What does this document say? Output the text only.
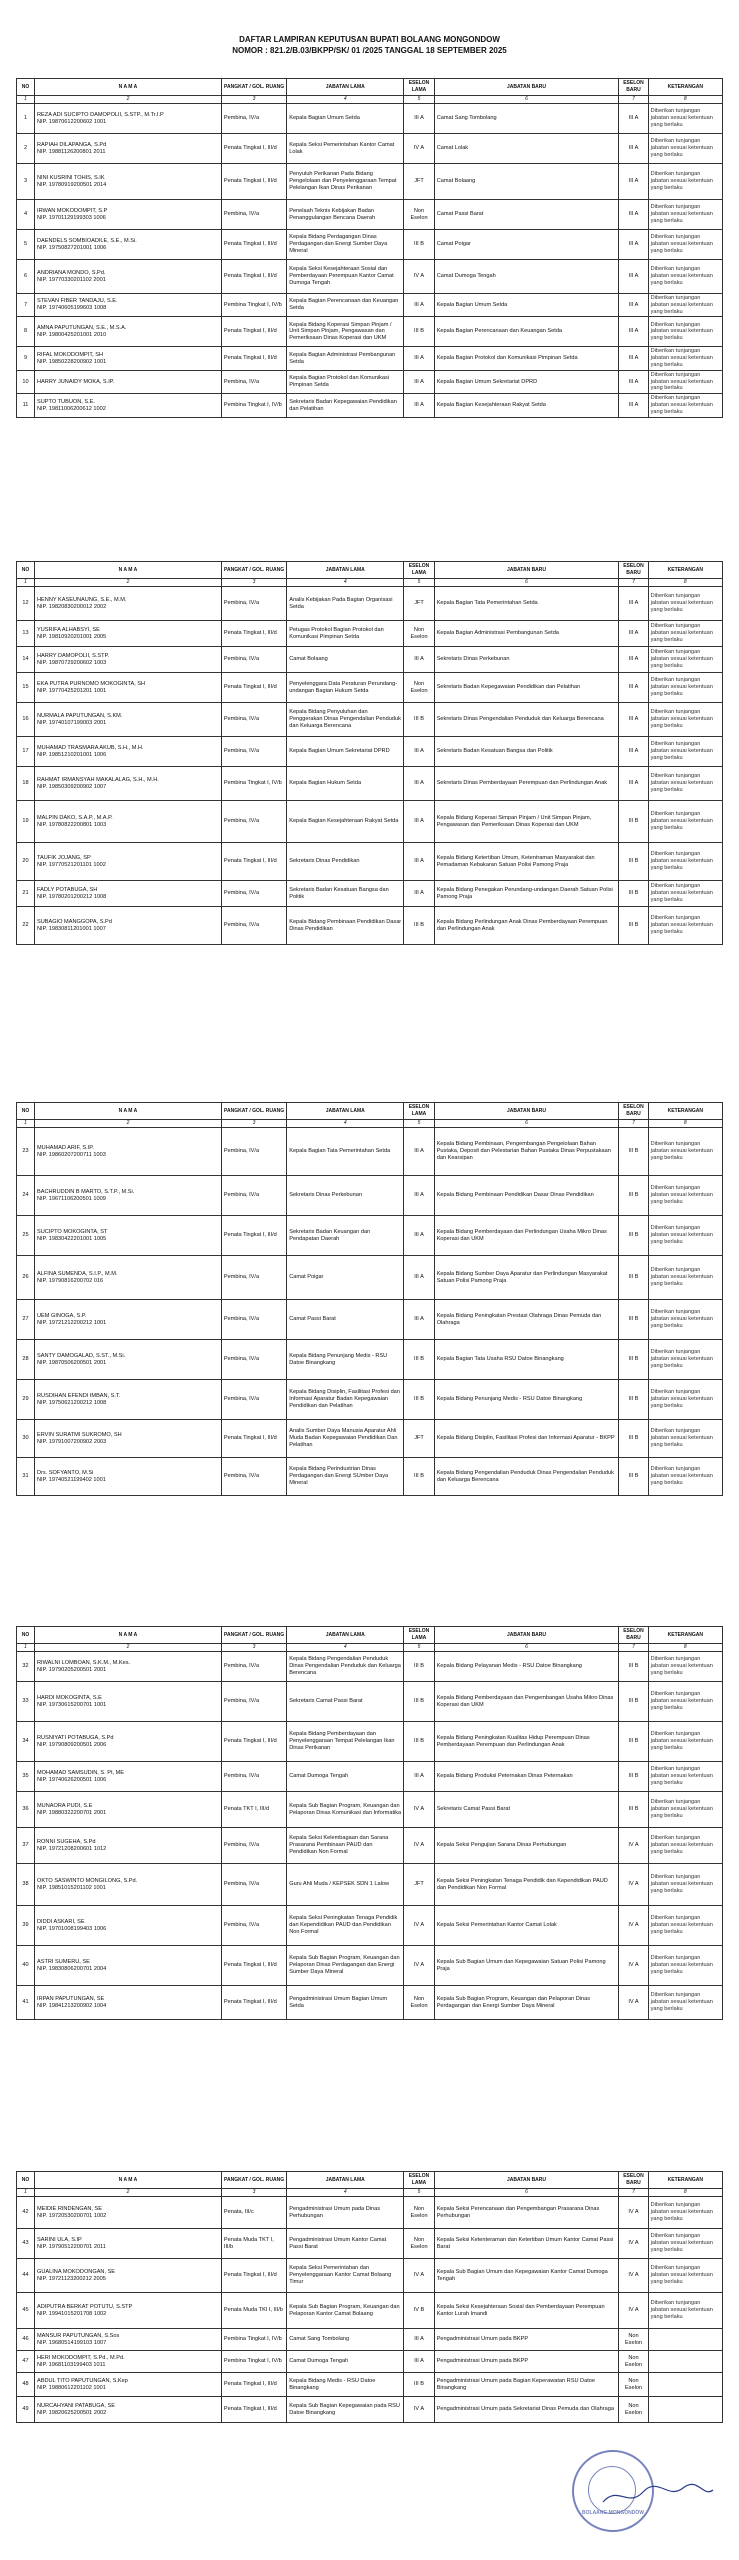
DAFTAR LAMPIRAN KEPUTUSAN BUPATI BOLAANG MONGONDOW
NOMOR : 821.2/B.03/BKPP/SK/ 01 /2025 TANGGAL 18 SEPTEMBER 2025
NO	N A M A	PANGKAT / GOL. RUANG	JABATAN LAMA	ESELON LAMA	JABATAN BARU	ESELON BARU	KETERANGAN
1	2	3	4	5	6	7	8
1	REZA ADI SUCIPTO DAMOPOLII, S.STP., M.Tr.I.P
NIP. 19870612200602 1001	Pembina, IV/a	Kepala Bagian Umum Setda	III A	Camat Sang Tombolang	III A	Diberikan tunjangan jabatan sesuai ketentuan yang berlaku
2	RAPIAH DILAPANGA, S.Pd
NIP. 19881126200801 2011	Penata Tingkat I, III/d	Kepala Seksi Pemerintahan Kantor Camat Lolak	IV A	Camat Lolak	III A	Diberikan tunjangan jabatan sesuai ketentuan yang berlaku
3	NINI KUSRINI TOHIS, S.IK
NIP. 19780919200501 2014	Penata Tingkat I, III/d	Penyuluh Perikanan Pada Bidang Pengelolaan dan Penyelenggaraan Tempat Pelelangan Ikan Dinas Perikanan	JFT	Camat Bolaang	III A	Diberikan tunjangan jabatan sesuai ketentuan yang berlaku
4	IRWAN MOKODOMPIT, S.P
NIP. 19701129199303 1006	Pembina, IV/a	Penelaah Teknis Kebijakan Badan Penanggulangan Bencana Daerah	Non Eselon	Camat Passi Barat	III A	Diberikan tunjangan jabatan sesuai ketentuan yang berlaku
5	DAENDELS SOMBIOADILE, S.E., M.Si.
NIP. 19750827201001 1006	Penata Tingkat I, III/d	Kepala Bidang Perdagangan Dinas Perdagangan dan Energi Sumber Daya Mineral	III B	Camat Poigar	III A	Diberikan tunjangan jabatan sesuai ketentuan yang berlaku
6	ANDRIANA MONDO, S.Pd.
NIP. 19770330201102 2001	Penata Tingkat I, III/d	Kepala Seksi Kesejahteraan Sosial dan Pemberdayaan Perempuan Kantor Camat Dumoga Tengah	IV A	Camat Dumoga Tengah	III A	Diberikan tunjangan jabatan sesuai ketentuan yang berlaku
7	STEVAN FIBER TANDAJU, S.E.
NIP. 19740605199603 1008	Pembina Tingkat I, IV/b	Kepala Bagian Perencanaan dan Keuangan Setda	III A	Kepala Bagian Umum Setda	III A	Diberikan tunjangan jabatan sesuai ketentuan yang berlaku
8	AMNA PAPUTUNGAN, S.E., M.S.A.
NIP. 19800425201001 2010	Penata Tingkat I, III/d	Kepala Bidang Koperasi Simpan Pinjam / Unit Simpan Pinjam, Pengawasan dan Pemeriksaan Dinas Koperasi dan UKM	III B	Kepala Bagian Perencanaan dan Keuangan Setda	III A	Diberikan tunjangan jabatan sesuai ketentuan yang berlaku
9	RIFAL MOKODOMPIT, SH
NIP. 19850228200902 1001	Penata Tingkat I, III/d	Kepala Bagian Administrasi Pembangunan Setda	III A	Kepala Bagian Protokol dan Komunikasi Pimpinan Setda	III A	Diberikan tunjangan jabatan sesuai ketentuan yang berlaku
10	HARRY JUNAIDY MOKA, S.IP.	Pembina, IV/a	Kepala Bagian Protokol dan Komunikasi Pimpinan Setda	III A	Kepala Bagian Umum Sekretariat DPRD	III A	Diberikan tunjangan jabatan sesuai ketentuan yang berlaku
11	SUPTO TUBUON, S.E.
NIP. 19811006200612 1002	Pembina Tingkat I, IV/b	Sekretaris Badan Kepegawaian Pendidikan dan Pelatihan	III A	Kepala Bagian Kesejahteraan Rakyat Setda	III A	Diberikan tunjangan jabatan sesuai ketentuan yang berlaku
NO	N A M A	PANGKAT / GOL. RUANG	JABATAN LAMA	ESELON LAMA	JABATAN BARU	ESELON BARU	KETERANGAN
1	2	3	4	5	6	7	8
12	HENNY KASEUNAUNG, S.E., M.M.
NIP. 19820830200012 2002	Pembina, IV/a	Analis Kebijakan Pada Bagian Organisasi Setda	JFT	Kepala Bagian Tata Pemerintahan Setda	III A	Diberikan tunjangan jabatan sesuai ketentuan yang berlaku
13	YUSRIFA ALHABSYI, SE
NIP. 19810920201001 2005	Penata Tingkat I, III/d	Petugas Protokol Bagian Protokol dan Komunikasi Pimpinan Setda	Non Eselon	Kepala Bagian Administrasi Pembangunan Setda	III A	Diberikan tunjangan jabatan sesuai ketentuan yang berlaku
14	HARRY DAMOPOLII, S.STP.
NIP. 19870729200602 1003	Pembina, IV/a	Camat Bolaang	III A	Sekretaris Dinas Perkebunan	III A	Diberikan tunjangan jabatan sesuai ketentuan yang berlaku
15	EKA PUTRA PURNOMO MOKOGINTA, SH
NIP. 19770425201201 1001	Penata Tingkat I, III/d	Penyelenggara Data Peraturan Perundang-undangan Bagian Hukum Setda	Non Eselon	Sekretaris Badan Kepegawaian Pendidikan dan Pelatihan	III A	Diberikan tunjangan jabatan sesuai ketentuan yang berlaku
16	NURMALA PAPUTUNGAN, S.KM.
NIP. 19740107199003 2001	Pembina, IV/a	Kepala Bidang Penyuluhan dan Penggerakan Dinas Pengendalian Penduduk dan Keluarga Berencana	III B	Sekretaris Dinas Pengendalian Penduduk dan Keluarga Berencana	III A	Diberikan tunjangan jabatan sesuai ketentuan yang berlaku
17	MUHAMAD TRASMARA AKUB, S.H., M.H.
NIP. 19851210201001 1006	Pembina, IV/a	Kepala Bagian Umum Sekretariat DPRD	III A	Sekretaris Badan Kesatuan Bangsa dan Politik	III A	Diberikan tunjangan jabatan sesuai ketentuan yang berlaku
18	RAHMAT IRMANSYAH MAKALALAG, S.H., M.H.
NIP. 19850309200902 1007	Pembina Tingkat I, IV/b	Kepala Bagian Hukum Setda	III A	Sekretaris Dinas Pemberdayaan Perempuan dan Perlindungan Anak	III A	Diberikan tunjangan jabatan sesuai ketentuan yang berlaku
19	MALPIN DAKO, S.A.P., M.A.P.
NIP. 19780822200801 1003	Pembina, IV/a	Kepala Bagian Kesejahteraan Rakyat Setda	III A	Kepala Bidang Koperasi Simpan Pinjam / Unit Simpan Pinjam, Pengawasan dan Pemeriksaan Dinas Koperasi dan UKM	III B	Diberikan tunjangan jabatan sesuai ketentuan yang berlaku
20	TAUFIK JOJANG, SP
NIP. 19770521201101 1002	Penata Tingkat I, III/d	Sekretaris Dinas Pendidikan	III A	Kepala Bidang Ketertiban Umum, Ketentraman Masyarakat dan Pemadaman Kebakaran Satuan Polisi Pamong Praja	III B	Diberikan tunjangan jabatan sesuai ketentuan yang berlaku
21	FADLY POTABUGA, SH
NIP. 19780201200212 1008	Pembina, IV/a	Sekretaris Badan Kesatuan Bangsa dan Politik	III A	Kepala Bidang Penegakan Perundang-undangan Daerah Satuan Polisi Pamong Praja	III B	Diberikan tunjangan jabatan sesuai ketentuan yang berlaku
22	SUBAGIO MANGGOPA, S.Pd
NIP. 19830811201001 1007	Pembina, IV/a	Kepala Bidang Pembinaan Pendidikan Dasar Dinas Pendidikan	III B	Kepala Bidang Perlindungan Anak Dinas Pemberdayaan Perempuan dan Perlindungan Anak	III B	Diberikan tunjangan jabatan sesuai ketentuan yang berlaku
NO	N A M A	PANGKAT / GOL. RUANG	JABATAN LAMA	ESELON LAMA	JABATAN BARU	ESELON BARU	KETERANGAN
1	2	3	4	5	6	7	8
23	MUHAMAD ARIF, S.IP.
NIP. 19860207200711 1003	Pembina, IV/a	Kepala Bagian Tata Pemerintahan Setda	III A	Kepala Bidang Pembinaan, Pengembangan Pengelolaan Bahan Pustaka, Deposit dan Pelestarian Bahan Pustaka Dinas Perpustakaan dan Kearsipan	III B	Diberikan tunjangan jabatan sesuai ketentuan yang berlaku
24	BACHRUDDIN B MARTO, S.T.P., M.Si.
NIP. 19671106200501 1009	Pembina, IV/a	Sekretaris Dinas Perkebunan	III A	Kepala Bidang Pembinaan Pendidikan Dasar Dinas Pendidikan	III B	Diberikan tunjangan jabatan sesuai ketentuan yang berlaku
25	SUCIPTO MOKOGINTA, ST
NIP. 19830422201001 1005	Penata Tingkat I, III/d	Sekretaris Badan Keuangan dan Pendapatan Daerah	III A	Kepala Bidang Pemberdayaan dan Perlindungan Usaha Mikro Dinas Koperasi dan UKM	III B	Diberikan tunjangan jabatan sesuai ketentuan yang berlaku
26	ALFINA SUMENDA, S.I.P., M.M.
NIP. 19790816200702 016	Pembina, IV/a	Camat Poigar	III A	Kepala Bidang Sumber Daya Aparatur dan Perlindungan Masyarakat Satuan Polisi Pamong Praja	III B	Diberikan tunjangan jabatan sesuai ketentuan yang berlaku
27	UEM GINOGA, S.P.
NIP. 19721212200212 1001	Pembina, IV/a	Camat Passi Barat	III A	Kepala Bidang Peningkatan Prestasi Olahraga Dinas Pemuda dan Olahraga	III B	Diberikan tunjangan jabatan sesuai ketentuan yang berlaku
28	SANTY DAMOGALAD, S.ST., M.Si.
NIP. 19870506200501 2001	Pembina, IV/a	Kepala Bidang Penunjang Medis - RSU Datoe Binangkang	III B	Kepala Bagian Tata Usaha RSU Datoe Binangkang	III B	Diberikan tunjangan jabatan sesuai ketentuan yang berlaku
29	RUSDIHAN EFENDI IMBAN, S.T.
NIP. 19750621200212 1008	Pembina, IV/a	Kepala Bidang Disiplin, Fasilitasi Profesi dan Informasi Aparatur Badan Kepegawaian Pendidikan dan Pelatihan	III B	Kepala Bidang Penunjang Medis - RSU Datoe Binangkang	III B	Diberikan tunjangan jabatan sesuai ketentuan yang berlaku
30	ERVIN SURATMI SUKROMO, SH
NIP. 19791007200902 2003	Penata Tingkat I, III/d	Analis Sumber Daya Manusia Aparatur Ahli Muda Badan Kepegawaian Pendidikan Dan Pelatihan	JFT	Kepala Bidang Disiplin, Fasilitasi Profesi dan Informasi Aparatur - BKPP	III B	Diberikan tunjangan jabatan sesuai ketentuan yang berlaku
31	Drs. SOFYANTO, M.Si
NIP. 19740521199402 1001	Pembina, IV/a	Kepala Bidang Perindustrian Dinas Perdagangan dan Energi SUmber Daya Mineral	III B	Kepala Bidang Pengendalian Penduduk Dinas Pengendalian Penduduk dan Keluarga Berencana	III B	Diberikan tunjangan jabatan sesuai ketentuan yang berlaku
NO	N A M A	PANGKAT / GOL. RUANG	JABATAN LAMA	ESELON LAMA	JABATAN BARU	ESELON BARU	KETERANGAN
1	2	3	4	5	6	7	8
32	RIWALNI LOMBOAN, S.K.M., M.Kes.
NIP. 19790205200501 2001	Pembina, IV/a	Kepala Bidang Pengendalian Penduduk Dinas Pengendalian Penduduk dan Keluarga Berencana	III B	Kepala Bidang Pelayanan Medis - RSU Datoe Binangkang	III B	Diberikan tunjangan jabatan sesuai ketentuan yang berlaku
33	HARDI MOKOGINTA, S.E
NIP. 19730615200701 1001	Pembina, IV/a	Sekretaris Camat Passi Barat	III B	Kepala Bidang Pemberdayaan dan Pengembangan Usaha Mikro Dinas Koperasi dan UKM	III B	Diberikan tunjangan jabatan sesuai ketentuan yang berlaku
34	RUSNIYATI POTABUGA, S.Pd
NIP. 19790809200501 2006	Penata Tingkat I, III/d	Kepala Bidang Pemberdayaan dan Penyelenggaraan Tempat Pelelangan Ikan Dinas Perikanan	III B	Kepala Bidang Peningkatan Kualitas Hidup Perempuan Dinas Pemberdayaan Perempuan dan Perlindungan Anak	III B	Diberikan tunjangan jabatan sesuai ketentuan yang berlaku
35	MOHAMAD SAMSUDIN, S. Pt, ME
NIP. 19740626200501 1006	Pembina, IV/a	Camat Dumoga Tengah	III A	Kepala Bidang Produksi Peternakan Dinas Peternakan	III B	Diberikan tunjangan jabatan sesuai ketentuan yang berlaku
36	MUNAORA PUDI, S.E
NIP. 19880322200701 2001	Penata TKT I, III/d	Kepala Sub Bagian Program, Keuangan dan Pelaporan Dinas Komunikasi dan Informatika	IV A	Sekretaris Camat Passi Barat	III B	Diberikan tunjangan jabatan sesuai ketentuan yang berlaku
37	RONNI SUGEHA, S.Pd
NIP. 19721208200601 1012	Pembina, IV/a	Kepala Seksi Kelembagaan dan Sarana Prasarana Pembinaan PAUD dan Pendidikan Non Formal	IV A	Kepala Seksi Pengujian Sarana Dinas Perhubungan	IV A	Diberikan tunjangan jabatan sesuai ketentuan yang berlaku
38	OKTO SASWINTO MONGILONG, S.Pd.
NIP. 19851015201102 1001	Pembina, IV/a	Guru Ahli Muda / KEPSEK SDN 1 Lalow	JFT	Kepala Seksi Peningkatan Tenaga Pendidik dan Kependidikan PAUD dan Pendidikan Non Formal	IV A	Diberikan tunjangan jabatan sesuai ketentuan yang berlaku
39	DIDDI ASKARI, SE
NIP. 19701008199403 1006	Pembina, IV/a	Kepala Seksi Peningkatan Tenaga Pendidik dan Kependidikan PAUD dan Pendidikan Non Formal	IV A	Kepala Seksi Pemerintahan Kantor Camat Lolak	IV A	Diberikan tunjangan jabatan sesuai ketentuan yang berlaku
40	ASTRI SUMERU, SE
NIP. 19830806200701 2004	Penata Tingkat I, III/d	Kepala Sub Bagian Program, Keuangan dan Pelaporan Dinas Perdagangan dan Energi Sumber Daya Mineral	IV A	Kepala Sub Bagian Umum dan Kepegawaian Satuan Polisi Pamong Praja	IV A	Diberikan tunjangan jabatan sesuai ketentuan yang berlaku
41	IRPAN PAPUTUNGAN, SE
NIP. 19841213200902 1004	Penata Tingkat I, III/d	Pengadministrasi Umum Bagian Umum Setda	Non Eselon	Kepala Sub Bagian Program, Keuangan dan Pelaporan Dinas Perdagangan dan Energi Sumber Daya Mineral	IV A	Diberikan tunjangan jabatan sesuai ketentuan yang berlaku
NO	N A M A	PANGKAT / GOL. RUANG	JABATAN LAMA	ESELON LAMA	JABATAN BARU	ESELON BARU	KETERANGAN
1	2	3	4	5	6	7	8
42	MEIDIE RINDENGAN, SE
NIP. 19720530200701 1002	Penata, III/c	Pengadministrasi Umum pada Dinas Perhubungan	Non Eselon	Kepala Seksi Perencanaan dan Pengembangan Prasarana Dinas Perhubungan	IV A	Diberikan tunjangan jabatan sesuai ketentuan yang berlaku
43	SARINI ULA, S.IP
NIP. 19790512200701 2011	Penata Muda TKT I, III/b	Pengadministrasi Umum Kantor Camat Passi Barat	Non Eselon	Kepala Seksi Ketenteraman dan Ketertiban Umum Kantor Camat Passi Barat	IV A	Diberikan tunjangan jabatan sesuai ketentuan yang berlaku
44	GUALINA MOKODONGAN, SE
NIP. 19721123200212 2005	Penata Tingkat I, III/d	Kepala Seksi Pemerintahan dan Penyelenggaraan Kantor Camat Bolaang Timur	IV A	Kepala Sub Bagian Umum dan Kepegawaian Kantor Camat Dumoga Tengah	IV A	Diberikan tunjangan jabatan sesuai ketentuan yang berlaku
45	ADIPUTRA BERKAT POTUTU, S.STP
NIP. 19941015201708 1002	Penata Muda TKI I, III/b	Kepala Sub Bagian Program, Keuangan dan Pelaporan Kantor Camat Bolaang	IV B	Kepala Seksi Kesejahteraan Sosial dan Pemberdayaan Perempuan Kantor Lurah Imandi	IV A	Diberikan tunjangan jabatan sesuai ketentuan yang berlaku
46	MANSUR PAPUTUNGAN, S.Sos
NIP. 19680514199103 1007	Pembina Tingkat I, IV/b	Camat Sang Tombolang	III A	Pengadministrasi Umum pada BKPP	Non Eselon	
47	HERI MOKODOMPIT, S.Pd., M.Pd.
NIP. 19681103199403 1011	Pembina Tingkat I, IV/b	Camat Dumoga Tengah	III A	Pengadministrasi Umum pada BKPP	Non Eselon	
48	ABDUL TITO PAPUTUNGAN, S.Kep
NIP. 19880612201102 1001	Penata Tingkat I, III/d	Kepala Bidang Medis - RSU Datoe Binangkang	III B	Pengadministrasi Umum pada Bagian Keperawatan RSU Datoe Binangkang	Non Eselon	
49	NURCAHYANI PATABUGA, SE
NIP. 19820625200501 2002	Penata Tingkat I, III/d	Kepala Sub Bagian Kepegawaian pada RSU Datoe Binangkang	IV A	Pengadministrasi Umum pada Sekretariat Dinas Pemuda dan Olahraga	Non Eselon	
BOLAANG MONGONDOW
